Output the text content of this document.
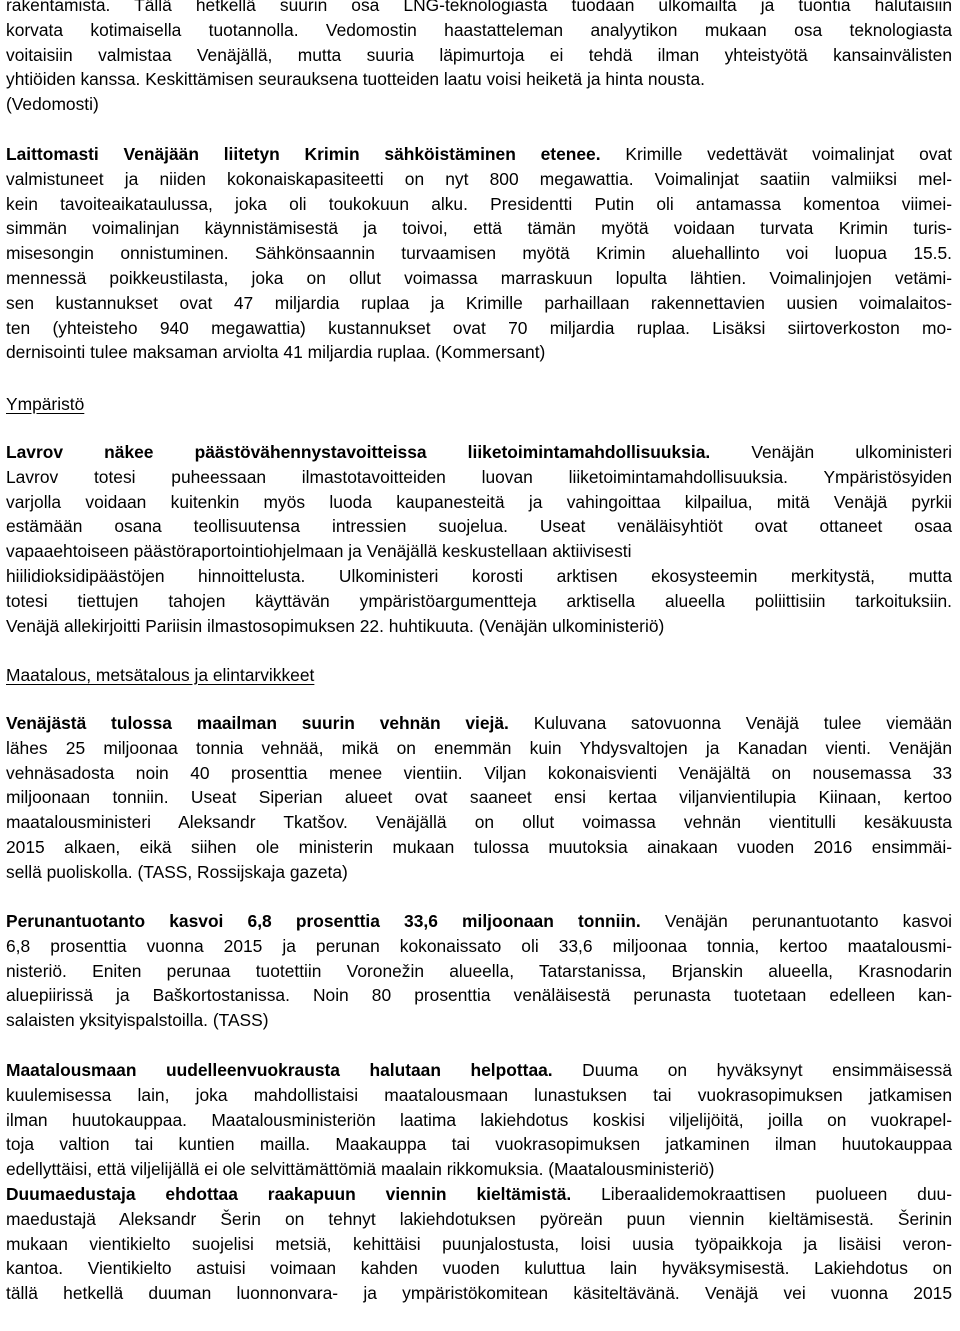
rakentamista. Tällä hetkellä suurin osa LNG-teknologiasta tuodaan ulkomailta ja tuontia halutaisiin
korvata kotimaisella tuotannolla. Vedomostin haastatteleman analyytikon mukaan osa teknologiasta
voitaisiin valmistaa Venäjällä, mutta suuria läpimurtoja ei tehdä ilman yhteistyötä kansainvälisten
yhtiöiden kanssa. Keskittämisen seurauksena tuotteiden laatu voisi heiketä ja hinta nousta.
(Vedomosti)
Laittomasti Venäjään liitetyn Krimin sähköistäminen etenee. Krimille vedettävät voimalinjat ovat
valmistuneet ja niiden kokonaiskapasiteetti on nyt 800 megawattia. Voimalinjat saatiin valmiiksi mel-
kein tavoiteaikataulussa, joka oli toukokuun alku. Presidentti Putin oli antamassa komentoa viimei-
simmän voimalinjan käynnistämisestä ja toivoi, että tämän myötä voidaan turvata Krimin turis-
misesongin onnistuminen. Sähkönsaannin turvaamisen myötä Krimin aluehallinto voi luopua 15.5.
mennessä poikkeustilasta, joka on ollut voimassa marraskuun lopulta lähtien. Voimalinjojen vetämi-
sen kustannukset ovat 47 miljardia ruplaa ja Krimille parhaillaan rakennettavien uusien voimalaitos-
ten (yhteisteho 940 megawattia) kustannukset ovat 70 miljardia ruplaa. Lisäksi siirtoverkoston mo-
dernisointi tulee maksaman arviolta 41 miljardia ruplaa. (Kommersant)
Ympäristö
Lavrov näkee päästövähennystavoitteissa liiketoimintamahdollisuuksia. Venäjän ulkoministeri
Lavrov totesi puheessaan ilmastotavoitteiden luovan liiketoimintamahdollisuuksia. Ympäristösyiden
varjolla voidaan kuitenkin myös luoda kaupanesteitä ja vahingoittaa kilpailua, mitä Venäjä pyrkii
estämään osana teollisuutensa intressien suojelua. Useat venäläisyhtiöt ovat ottaneet osaa
vapaaehtoiseen päästöraportointiohjelmaan ja Venäjällä keskustellaan aktiivisesti
hiilidioksidipäästöjen hinnoittelusta. Ulkoministeri korosti arktisen ekosysteemin merkitystä, mutta
totesi tiettujen tahojen käyttävän ympäristöargumentteja arktisella alueella poliittisiin tarkoituksiin.
Venäjä allekirjoitti Pariisin ilmastosopimuksen 22. huhtikuuta. (Venäjän ulkoministeriö)
Maatalous, metsätalous ja elintarvikkeet
Venäjästä tulossa maailman suurin vehnän viejä. Kuluvana satovuonna Venäjä tulee viemään
lähes 25 miljoonaa tonnia vehnää, mikä on enemmän kuin Yhdysvaltojen ja Kanadan vienti. Venäjän
vehnäsadosta noin 40 prosenttia menee vientiin. Viljan kokonaisvienti Venäjältä on nousemassa 33
miljoonaan tonniin. Useat Siperian alueet ovat saaneet ensi kertaa viljanvientilupia Kiinaan, kertoo
maatalousministeri Aleksandr Tkatšov. Venäjällä on ollut voimassa vehnän vientitulli kesäkuusta
2015 alkaen, eikä siihen ole ministerin mukaan tulossa muutoksia ainakaan vuoden 2016 ensimmäi-
sellä puoliskolla. (TASS, Rossijskaja gazeta)
Perunantuotanto kasvoi 6,8 prosenttia 33,6 miljoonaan tonniin. Venäjän perunantuotanto kasvoi
6,8 prosenttia vuonna 2015 ja perunan kokonaissato oli 33,6 miljoonaa tonnia, kertoo maatalousmi-
nisteriö. Eniten perunaa tuotettiin Voronežin alueella, Tatarstanissa, Brjanskin alueella, Krasnodarin
aluepiirissä ja Baškortostanissa. Noin 80 prosenttia venäläisestä perunasta tuotetaan edelleen kan-
salaisten yksityispalstoilla. (TASS)
Maatalousmaan uudelleenvuokrausta halutaan helpottaa. Duuma on hyväksynyt ensimmäisessä
kuulemisessa lain, joka mahdollistaisi maatalousmaan lunastuksen tai vuokrasopimuksen jatkamisen
ilman huutokauppaa. Maatalousministeriön laatima lakiehdotus koskisi viljelijöitä, joilla on vuokrapel-
toja valtion tai kuntien mailla. Maakauppa tai vuokrasopimuksen jatkaminen ilman huutokauppaa
edellyttäisi, että viljelijällä ei ole selvittämättömiä maalain rikkomuksia. (Maatalousministeriö)
Duumaedustaja ehdottaa raakapuun viennin kieltämistä. Liberaalidemokraattisen puolueen duu-
maedustajä Aleksandr Šerin on tehnyt lakiehdotuksen pyöreän puun viennin kieltämisestä. Šerinin
mukaan vientikielto suojelisi metsiä, kehittäisi puunjalostusta, loisi uusia työpaikkoja ja lisäisi veron-
kantoa. Vientikielto astuisi voimaan kahden vuoden kuluttua lain hyväksymisestä. Lakiehdotus on
tällä hetkellä duuman luonnonvara- ja ympäristökomitean käsiteltävänä. Venäjä vei vuonna 2015
